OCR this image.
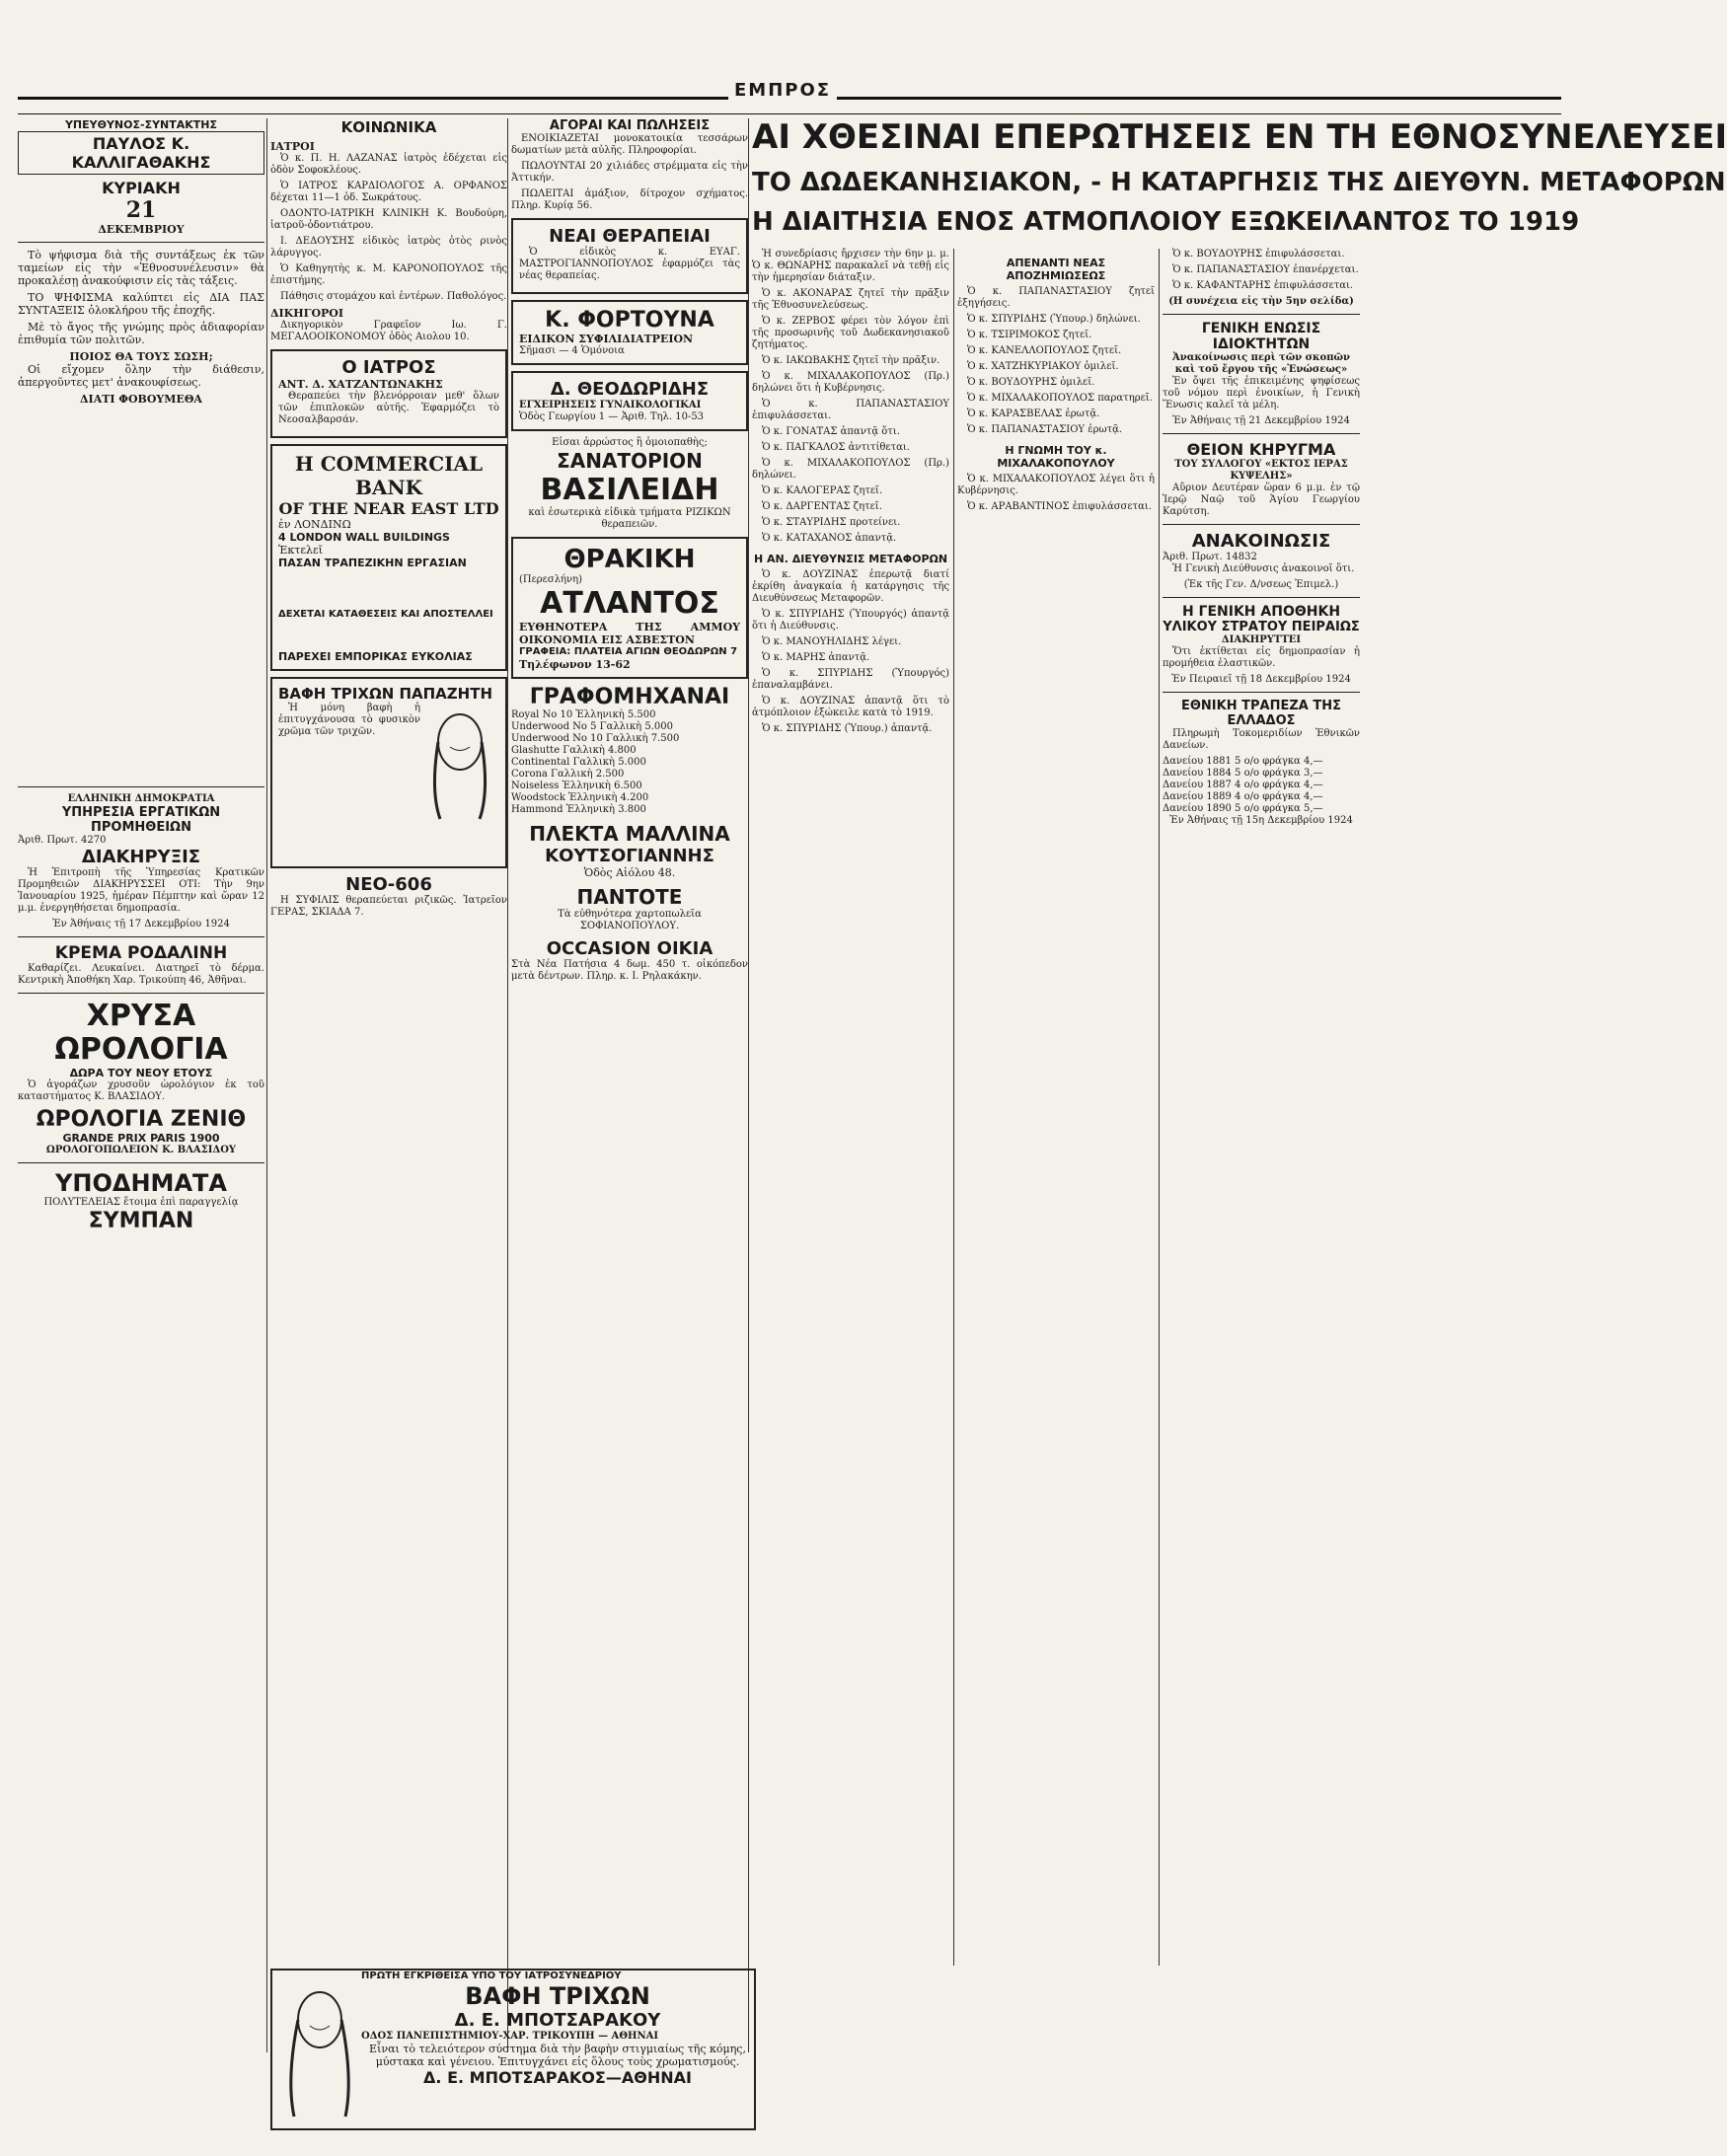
ΕΜΠΡΟΣ
ΥΠΕΥΘΥΝΟΣ-ΣΥΝΤΑΚΤΗΣ
ΠΑΥΛΟΣ Κ. ΚΑΛΛΙΓΑΘΑΚΗΣ
ΚΥΡΙΑΚΗ
21
ΔΕΚΕΜΒΡΙΟΥ

Τὸ ψήφισμα διὰ τῆς συντάξεως ἐκ τῶν ταμείων εἰς τὴν «Ἐθνοσυνέλευσιν» θὰ προκαλέσῃ ἀνακούφισιν εἰς τὰς τάξεις.

ΤΟ ΨΗΦΙΣΜΑ καλύπτει εἰς ΔΙΑ ΠΑΣ ΣΥΝΤΑΞΕΙΣ ὁλοκλήρου τῆς ἐποχῆς.

Μὲ τὸ ἄγος τῆς γνώμης πρὸς ἀδιαφορίαν ἐπιθυμία τῶν πολιτῶν.

ΠΟΙΟΣ ΘΑ ΤΟΥΣ ΣΩΣΗ;

Οἱ εἴχομεν ὅλην τὴν διάθεσιν, ἀπεργοῦντες μετ' ἀνακουφίσεως.

ΔΙΑΤΙ ΦΟΒΟΥΜΕΘΑ
ΕΛΛΗΝΙΚΗ ΔΗΜΟΚΡΑΤΙΑ
ΥΠΗΡΕΣΙΑ ΕΡΓΑΤΙΚΩΝ ΠΡΟΜΗΘΕΙΩΝ
Ἀριθ. Πρωτ. 4270
ΔΙΑΚΗΡΥΞΙΣ

Ἡ Ἐπιτροπὴ τῆς Ὑπηρεσίας Κρατικῶν Προμηθειῶν ΔΙΑΚΗΡΥΣΣΕΙ ΟΤΙ: Τὴν 9ην Ἰανουαρίου 1925, ἡμέραν Πέμπτην καὶ ὥραν 12 μ.μ. ἐνεργηθήσεται δημοπρασία.

Ἐν Ἀθήναις τῇ 17 Δεκεμβρίου 1924
ΚΡΕΜΑ ΡΟΔΑΛΙΝΗ

Καθαρίζει. Λευκαίνει. Διατηρεῖ τὸ δέρμα. Κεντρικὴ Ἀποθήκη Χαρ. Τρικούπη 46, Ἀθῆναι.

ΧΡΥΣΑ ΩΡΟΛΟΓΙΑ
ΔΩΡΑ ΤΟΥ ΝΕΟΥ ΕΤΟΥΣ

Ὁ ἀγοράζων χρυσοῦν ὡρολόγιον ἐκ τοῦ καταστήματος Κ. ΒΛΑΣΙΔΟΥ.

ΩΡΟΛΟΓΙΑ ΖΕΝΙΘ
GRANDE PRIX PARIS 1900
ΩΡΟΛΟΓΟΠΩΛΕΙΟΝ Κ. ΒΛΑΣΙΔΟΥ
ΥΠΟΔΗΜΑΤΑ
ΠΟΛΥΤΕΛΕΙΑΣ ἕτοιμα ἐπὶ παραγγελίᾳ
ΣΥΜΠΑΝ
ΚΟΙΝΩΝΙΚΑ
ΙΑΤΡΟΙ

Ὁ κ. Π. Η. ΛΑΖΑΝΑΣ ἰατρὸς ἐδέχεται εἰς ὁδὸν Σοφοκλέους.

Ὁ ΙΑΤΡΟΣ ΚΑΡΔΙΟΛΟΓΟΣ Α. ΟΡΦΑΝΟΣ δέχεται 11—1 ὁδ. Σωκράτους.

ΟΔΟΝΤΟ-ΙΑΤΡΙΚΗ ΚΛΙΝΙΚΗ Κ. Βουδούρη, ἰατροῦ-ὀδοντιάτρου.

Ι. ΔΕΔΟΥΣΗΣ εἰδικὸς ἰατρὸς ὀτὸς ρινὸς λάρυγγος.

Ὁ Καθηγητὴς κ. Μ. ΚΑΡΟΝΟΠΟΥΛΟΣ τῆς ἐπιστήμης.

Πάθησις στομάχου καὶ ἐντέρων. Παθολόγος.

ΔΙΚΗΓΟΡΟΙ

Δικηγορικὸν Γραφεῖον Ιω. Γ. ΜΕΓΑΛΟΟΙΚΟΝΟΜΟΥ ὁδὸς Αιολου 10.

Ο ΙΑΤΡΟΣ
ΑΝΤ. Δ. ΧΑΤΖΑΝΤΩΝΑΚΗΣ

Θεραπεύει τὴν βλενόρροιαν μεθ' ὅλων τῶν ἐπιπλοκῶν αὐτῆς. Ἐφαρμόζει τὸ Νεοσαλβαρσάν.

Η COMMERCIAL BANK
OF THE NEAR EAST LTD
ἐν ΛΟΝΔΙΝΩ
4 LONDON WALL BUILDINGS
Ἐκτελεῖ
ΠΑΣΑΝ ΤΡΑΠΕΖΙΚΗΝ ΕΡΓΑΣΙΑΝ
ΔΕΧΕΤΑΙ ΚΑΤΑΘΕΣΕΙΣ ΚΑΙ ΑΠΟΣΤΕΛΛΕΙ
ΠΑΡΕΧΕΙ ΕΜΠΟΡΙΚΑΣ ΕΥΚΟΛΙΑΣ
ΒΑΦΗ ΤΡΙΧΩΝ ΠΑΠΑΖΗΤΗ

Ἡ μόνη βαφὴ ἡ ἐπιτυγχάνουσα τὸ φυσικὸν χρῶμα τῶν τριχῶν.

ΝΕΟ-606

Η ΣΥΦΙΛΙΣ θεραπεύεται ριζικῶς. Ἰατρεῖον ΓΕΡΑΣ, ΣΚΙΑΔΑ 7.

ΑΓΟΡΑΙ ΚΑΙ ΠΩΛΗΣΕΙΣ

ΕΝΟΙΚΙΑΖΕΤΑΙ μονοκατοικία τεσσάρων δωματίων μετὰ αὐλῆς. Πληροφορίαι.

ΠΩΛΟΥΝΤΑΙ 20 χιλιάδες στρέμματα εἰς τὴν Ἀττικήν.

ΠΩΛΕΙΤΑΙ ἁμάξιον, δίτροχον σχήματος. Πληρ. Κυρίᾳ 56.

ΝΕΑΙ ΘΕΡΑΠΕΙΑΙ

Ὁ εἰδικὸς κ. ΕΥΑΓ. ΜΑΣΤΡΟΓΙΑΝΝΟΠΟΥΛΟΣ ἐφαρμόζει τὰς νέας θεραπείας.

Κ. ΦΟΡΤΟΥΝΑ
ΕΙΔΙΚΟΝ ΣΥΦΙΛΙΔΙΑΤΡΕΙΟΝ
Σῆμασι — 4 Ὁμόνοια
Δ. ΘΕΟΔΩΡΙΔΗΣ
ΕΓΧΕΙΡΗΣΕΙΣ ΓΥΝΑΙΚΟΛΟΓΙΚΑΙ
Ὁδὸς Γεωργίου 1 — Ἀριθ. Τηλ. 10-53
Εἰσαι ἀρρώστος ἢ ὁμοιοπαθὴς;
ΣΑΝΑΤΟΡΙΟΝ
ΒΑΣΙΛΕΙΔΗ
καὶ ἐσωτερικὰ εἰδικὰ τμήματα ΡΙΖΙΚΩΝ θεραπειῶν.
ΘΡΑΚΙΚΗ
(Περεσλήνη)
ΑΤΛΑΝΤΟΣ
ΕΥΘΗΝΟΤΕΡΑ ΤΗΣ ΑΜΜΟΥ ΟΙΚΟΝΟΜΙΑ ΕΙΣ ΑΣΒΕΣΤΟΝ
ΓΡΑΦΕΙΑ: ΠΛΑΤΕΙΑ ΑΓΙΩΝ ΘΕΟΔΩΡΩΝ 7
Τηλέφωνον 13-62
ΓΡΑΦΟΜΗΧΑΝΑΙ
Royal No 10 Ἑλληνικὴ 5.500
Underwood No 5 Γαλλικὴ 5.000
Underwood No 10 Γαλλικὴ 7.500
Glashutte Γαλλικὴ 4.800
Continental Γαλλικὴ 5.000
Corona Γαλλικὴ 2.500
Noiseless Ἑλληνικὴ 6.500
Woodstock Ἑλληνικὴ 4.200
Hammond Ἑλληνικὴ 3.800
ΠΛΕΚΤΑ ΜΑΛΛΙΝΑ
ΚΟΥΤΣΟΓΙΑΝΝΗΣ
Ὁδὸς Αἰόλου 48.
ΠΑΝΤΟΤΕ
Τὰ εὐθηνότερα χαρτοπωλεῖα ΣΟΦΙΑΝΟΠΟΥΛΟΥ.
OCCASION ΟΙΚΙΑ
Στὰ Νέα Πατήσια 4 δωμ. 450 τ. οἰκόπεδον μετὰ δέντρων. Πληρ. κ. Ι. Ρηλακάκην.
ΑΙ ΧΘΕΣΙΝΑΙ ΕΠΕΡΩΤΗΣΕΙΣ ΕΝ ΤΗ ΕΘΝΟΣΥΝΕΛΕΥΣΕΙ
ΤΟ ΔΩΔΕΚΑΝΗΣΙΑΚΟΝ, - Η ΚΑΤΑΡΓΗΣΙΣ ΤΗΣ ΔΙΕΥΘΥΝ. ΜΕΤΑΦΟΡΩΝ
Η ΔΙΑΙΤΗΣΙΑ ΕΝΟΣ ΑΤΜΟΠΛΟΙΟΥ ΕΞΩΚΕΙΛΑΝΤΟΣ ΤΟ 1919

Ἡ συνεδρίασις ἤρχισεν τὴν 6ην μ. μ. Ὁ κ. ΘΩΝΑΡΗΣ παρακαλεῖ νὰ τεθῇ εἰς τὴν ἡμερησίαν διάταξιν.

Ὁ κ. ΑΚΟΝΑΡΑΣ ζητεῖ τὴν πρᾶξιν τῆς Ἐθνοσυνελεύσεως.

Ὁ κ. ΖΕΡΒΟΣ φέρει τὸν λόγον ἐπὶ τῆς προσωρινῆς τοῦ Δωδεκανησιακοῦ ζητήματος.

Ὁ κ. ΙΑΚΩΒΑΚΗΣ ζητεῖ τὴν πρᾶξιν.

Ὁ κ. ΜΙΧΑΛΑΚΟΠΟΥΛΟΣ (Πρ.) δηλώνει ὅτι ἡ Κυβέρνησις.

Ὁ κ. ΠΑΠΑΝΑΣΤΑΣΙΟΥ ἐπιφυλάσσεται.

Ὁ κ. ΓΟΝΑΤΑΣ ἀπαντᾷ ὅτι.

Ὁ κ. ΠΑΓΚΑΛΟΣ ἀντιτίθεται.

Ὁ κ. ΜΙΧΑΛΑΚΟΠΟΥΛΟΣ (Πρ.) δηλώνει.

Ὁ κ. ΚΑΛΟΓΕΡΑΣ ζητεῖ.

Ὁ κ. ΔΑΡΓΕΝΤΑΣ ζητεῖ.

Ὁ κ. ΣΤΑΥΡΙΔΗΣ προτείνει.

Ὁ κ. ΚΑΤΑΧΑΝΟΣ ἀπαντᾷ.

Η ΑΝ. ΔΙΕΥΘΥΝΣΙΣ ΜΕΤΑΦΟΡΩΝ

Ὁ κ. ΔΟΥΖΙΝΑΣ ἐπερωτᾷ διατί ἐκρίθη ἀναγκαία ἡ κατάργησις τῆς Διευθύνσεως Μεταφορῶν.

Ὁ κ. ΣΠΥΡΙΔΗΣ (Ὑπουργός) ἀπαντᾷ ὅτι ἡ Διεύθυνσις.

Ὁ κ. ΜΑΝΟΥΗΛΙΔΗΣ λέγει.

Ὁ κ. ΜΑΡΗΣ ἀπαντᾷ.

Ὁ κ. ΣΠΥΡΙΔΗΣ (Ὑπουργός) ἐπαναλαμβάνει.

Ὁ κ. ΔΟΥΖΙΝΑΣ ἀπαντᾷ ὅτι τὸ ἀτμόπλοιον ἐξώκειλε κατὰ τὸ 1919.

Ὁ κ. ΣΠΥΡΙΔΗΣ (Ὑπουρ.) ἀπαντᾷ.

ΑΠΕΝΑΝΤΙ ΝΕΑΣ ΑΠΟΖΗΜΙΩΣΕΩΣ

Ὁ κ. ΠΑΠΑΝΑΣΤΑΣΙΟΥ ζητεῖ ἐξηγήσεις.

Ὁ κ. ΣΠΥΡΙΔΗΣ (Ὑπουρ.) δηλώνει.

Ὁ κ. ΤΣΙΡΙΜΟΚΟΣ ζητεῖ.

Ὁ κ. ΚΑΝΕΛΛΟΠΟΥΛΟΣ ζητεῖ.

Ὁ κ. ΧΑΤΖΗΚΥΡΙΑΚΟΥ ὁμιλεῖ.

Ὁ κ. ΒΟΥΔΟΥΡΗΣ ὁμιλεῖ.

Ὁ κ. ΜΙΧΑΛΑΚΟΠΟΥΛΟΣ παρατηρεῖ.

Ὁ κ. ΚΑΡΑΣΒΕΛΑΣ ἐρωτᾷ.

Ὁ κ. ΠΑΠΑΝΑΣΤΑΣΙΟΥ ἐρωτᾷ.

Η ΓΝΩΜΗ ΤΟΥ κ. ΜΙΧΑΛΑΚΟΠΟΥΛΟΥ

Ὁ κ. ΜΙΧΑΛΑΚΟΠΟΥΛΟΣ λέγει ὅτι ἡ Κυβέρνησις.

Ὁ κ. ΑΡΑΒΑΝΤΙΝΟΣ ἐπιφυλάσσεται.

Ὁ κ. ΒΟΥΔΟΥΡΗΣ ἐπιφυλάσσεται.

Ὁ κ. ΠΑΠΑΝΑΣΤΑΣΙΟΥ ἐπανέρχεται.

Ὁ κ. ΚΑΦΑΝΤΑΡΗΣ ἐπιφυλάσσεται.

(Η συνέχεια εἰς τὴν 5ην σελίδα)
ΓΕΝΙΚΗ ΕΝΩΣΙΣ ΙΔΙΟΚΤΗΤΩΝ
Ἀνακοίνωσις περὶ τῶν σκοπῶν καὶ τοῦ ἔργου τῆς «Ἑνώσεως»

Ἐν ὄψει τῆς ἐπικειμένης ψηφίσεως τοῦ νόμου περὶ ἐνοικίων, ἡ Γενικὴ Ἕνωσις καλεῖ τὰ μέλη.

Ἐν Ἀθήναις τῇ 21 Δεκεμβρίου 1924
ΘΕΙΟΝ ΚΗΡΥΓΜΑ
ΤΟΥ ΣΥΛΛΟΓΟΥ «ΕΚΤΟΣ ΙΕΡΑΣ ΚΥΨΕΛΗΣ»

Αὔριον Δευτέραν ὥραν 6 μ.μ. ἐν τῷ Ἱερῷ Ναῷ τοῦ Ἁγίου Γεωργίου Καρύτση.

ΑΝΑΚΟΙΝΩΣΙΣ
Ἀριθ. Πρωτ. 14832

Ἡ Γενικὴ Διεύθυνσις ἀνακοινοῖ ὅτι.

(Ἐκ τῆς Γεν. Δ/νσεως Ἐπιμελ.)
Η ΓΕΝΙΚΗ ΑΠΟΘΗΚΗ
ΥΛΙΚΟΥ ΣΤΡΑΤΟΥ ΠΕΙΡΑΙΩΣ
ΔΙΑΚΗΡΥΤΤΕΙ

Ὅτι ἐκτίθεται εἰς δημοπρασίαν ἡ προμήθεια ἐλαστικῶν.

Ἐν Πειραιεῖ τῇ 18 Δεκεμβρίου 1924
ΕΘΝΙΚΗ ΤΡΑΠΕΖΑ ΤΗΣ ΕΛΛΑΔΟΣ

Πληρωμὴ Τοκομεριδίων Ἐθνικῶν Δανείων.

Δανείου 1881 5 ο/ο φράγκα 4,—
Δανείου 1884 5 ο/ο φράγκα 3,—
Δανείου 1887 4 ο/ο φράγκα 4,—
Δανείου 1889 4 ο/ο φράγκα 4,—
Δανείου 1890 5 ο/ο φράγκα 5,—
Ἐν Ἀθήναις τῇ 15η Δεκεμβρίου 1924
ΠΡΩΤΗ ΕΓΚΡΙΘΕΙΣΑ ΥΠΟ ΤΟΥ ΙΑΤΡΟΣΥΝΕΔΡΙΟΥ
ΒΑΦΗ ΤΡΙΧΩΝ
Δ. Ε. ΜΠΟΤΣΑΡΑΚΟΥ
ΟΔΟΣ ΠΑΝΕΠΙΣΤΗΜΙΟΥ-ΧΑΡ. ΤΡΙΚΟΥΠΗ — ΑΘΗΝΑΙ
Εἶναι τὸ τελειότερον σύστημα διὰ τὴν βαφὴν στιγμιαίως τῆς κόμης, μύστακα καὶ γένειου. Ἐπιτυγχάνει εἰς ὅλους τοὺς χρωματισμούς.
Δ. Ε. ΜΠΟΤΣΑΡΑΚΟΣ—ΑΘΗΝΑΙ
